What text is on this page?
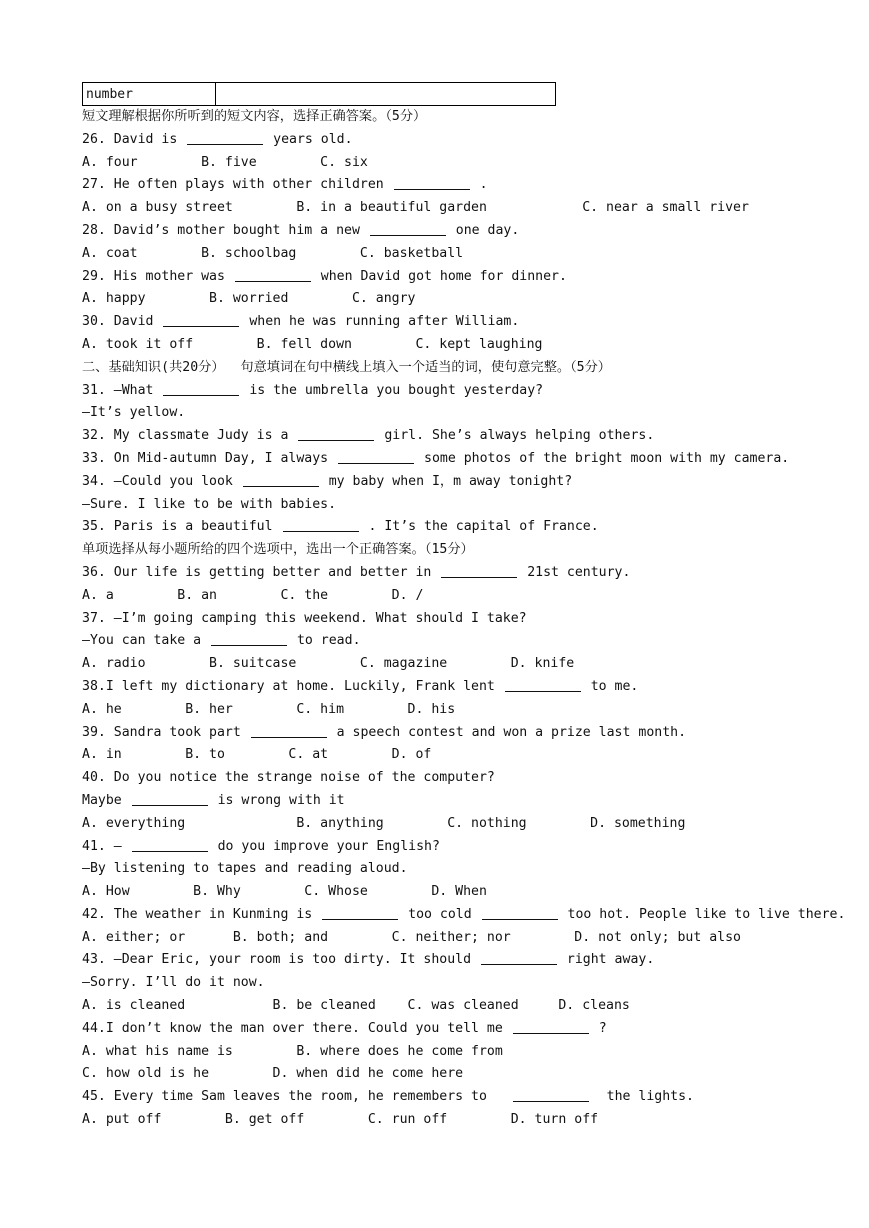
number	
短文理解根据你所听到的短文内容，选择正确答案。（5分）
26. David is	years old.
A. four        B. five        C. six
27. He often plays with other children	.
A. on a busy street        B. in a beautiful garden            C. near a small river
28. David’s mother bought him a new	one day.
A. coat        B. schoolbag        C. basketball
29. His mother was	when David got home for dinner.
A. happy        B. worried        C. angry
30. David	when he was running after William.
A. took it off        B. fell down        C. kept laughing
二、基础知识(共20分）  句意填词在句中横线上填入一个适当的词，使句意完整。（5分）
31. —What	is the umbrella you bought yesterday?
—It’s yellow.
32. My classmate Judy is a	girl. She’s always helping others.
33. On Mid-autumn Day, I always	some photos of the bright moon with my camera.
34. —Could you look	my baby when I，m away tonight?
—Sure. I like to be with babies.
35. Paris is a beautiful	. It’s the capital of France.
单项选择从每小题所给的四个选项中，选出一个正确答案。（15分）
36. Our life is getting better and better in	21st century.
A. a        B. an        C. the        D. /
37. —I’m going camping this weekend. What should I take?
—You can take a	to read.
A. radio        B. suitcase        C. magazine        D. knife
38.I left my dictionary at home. Luckily, Frank lent	to me.
A. he        B. her        C. him        D. his
39. Sandra took part	a speech contest and won a prize last month.
A. in        B. to        C. at        D. of
40. Do you notice the strange noise of the computer?
Maybe	is wrong with it
A. everything              B. anything        C. nothing        D. something
41. —	do you improve your English?
—By listening to tapes and reading aloud.
A. How        B. Why        C. Whose        D. When
42. The weather in Kunming is	too cold	too hot. People like to live there.
A. either; or      B. both; and        C. neither; nor        D. not only; but also
43. —Dear Eric, your room is too dirty. It should	right away.
—Sorry. I’ll do it now.
A. is cleaned           B. be cleaned    C. was cleaned     D. cleans
44.I don’t know the man over there. Could you tell me	?
A. what his name is        B. where does he come from
C. how old is he        D. when did he come here
45. Every time Sam leaves the room, he remembers to	the lights.
A. put off        B. get off        C. run off        D. turn off
